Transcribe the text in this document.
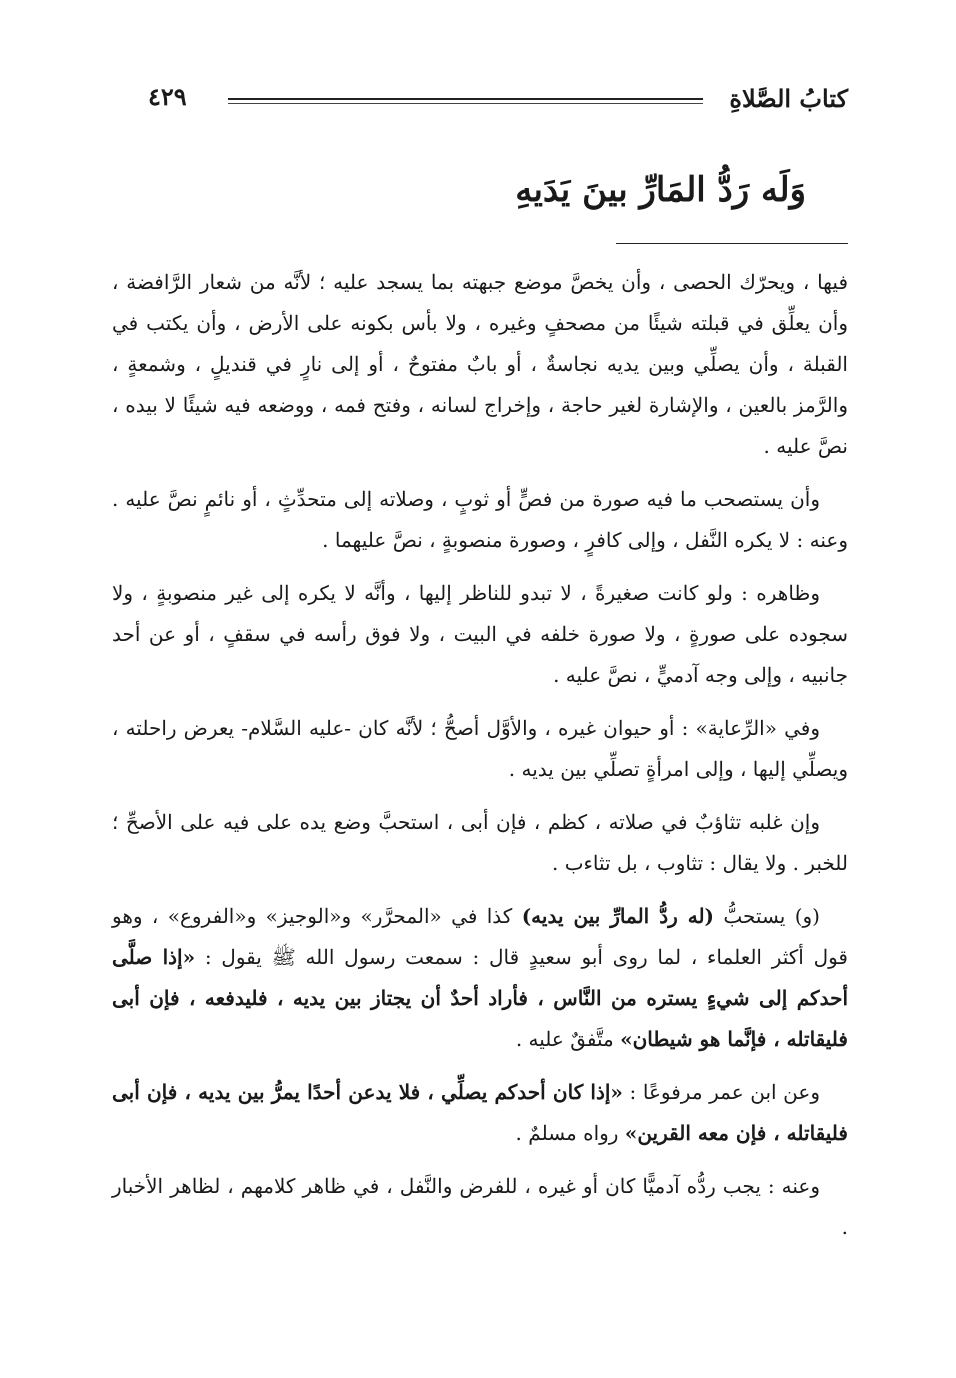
كتابُ الصَّلاةِ
٤٢٩
وَلَه رَدُّ المَارِّ بينَ يَدَيهِ

فيها ، ويحرّك الحصى ، وأن يخصَّ موضع جبهته بما يسجد عليه ؛ لأنَّه من شعار الرَّافضة ، وأن يعلِّق في قبلته شيئًا من مصحفٍ وغيره ، ولا بأس بكونه على الأرض ، وأن يكتب في القبلة ، وأن يصلِّي وبين يديه نجاسةٌ ، أو بابٌ مفتوحٌ ، أو إلى نارٍ في قنديلٍ ، وشمعةٍ ، والرَّمز بالعين ، والإشارة لغير حاجة ، وإخراج لسانه ، وفتح فمه ، ووضعه فيه شيئًا لا بيده ، نصَّ عليه .

وأن يستصحب ما فيه صورة من فصٍّ أو ثوبٍ ، وصلاته إلى متحدِّثٍ ، أو نائمٍ نصَّ عليه . وعنه : لا يكره النَّفل ، وإلى كافرٍ ، وصورة منصوبةٍ ، نصَّ عليهما .

وظاهره : ولو كانت صغيرةً ، لا تبدو للناظر إليها ، وأنَّه لا يكره إلى غير منصوبةٍ ، ولا سجوده على صورةٍ ، ولا صورة خلفه في البيت ، ولا فوق رأسه في سقفٍ ، أو عن أحد جانبيه ، وإلى وجه آدميٍّ ، نصَّ عليه .

وفي «الرِّعاية» : أو حيوان غيره ، والأوَّل أصحُّ ؛ لأنَّه كان -عليه السَّلام- يعرض راحلته ، ويصلِّي إليها ، وإلى امرأةٍ تصلِّي بين يديه .

وإن غلبه تثاؤبٌ في صلاته ، كظم ، فإن أبى ، استحبَّ وضع يده على فيه على الأصحِّ ؛ للخبر . ولا يقال : تثاوب ، بل تثاءب .

(و) يستحبُّ (له ردُّ المارِّ بين يديه) كذا في «المحرَّر» و«الوجيز» و«الفروع» ، وهو قول أكثر العلماء ، لما روى أبو سعيدٍ قال : سمعت رسول الله ﷺ يقول : «إذا صلَّى أحدكم إلى شيءٍ يستره من النَّاس ، فأراد أحدٌ أن يجتاز بين يديه ، فليدفعه ، فإن أبى فليقاتله ، فإنَّما هو شيطان» متَّفقٌ عليه .

وعن ابن عمر مرفوعًا : «إذا كان أحدكم يصلِّي ، فلا يدعن أحدًا يمرُّ بين يديه ، فإن أبى فليقاتله ، فإن معه القرين» رواه مسلمٌ .

وعنه : يجب ردُّه آدميًّا كان أو غيره ، للفرض والنَّفل ، في ظاهر كلامهم ، لظاهر الأخبار .
